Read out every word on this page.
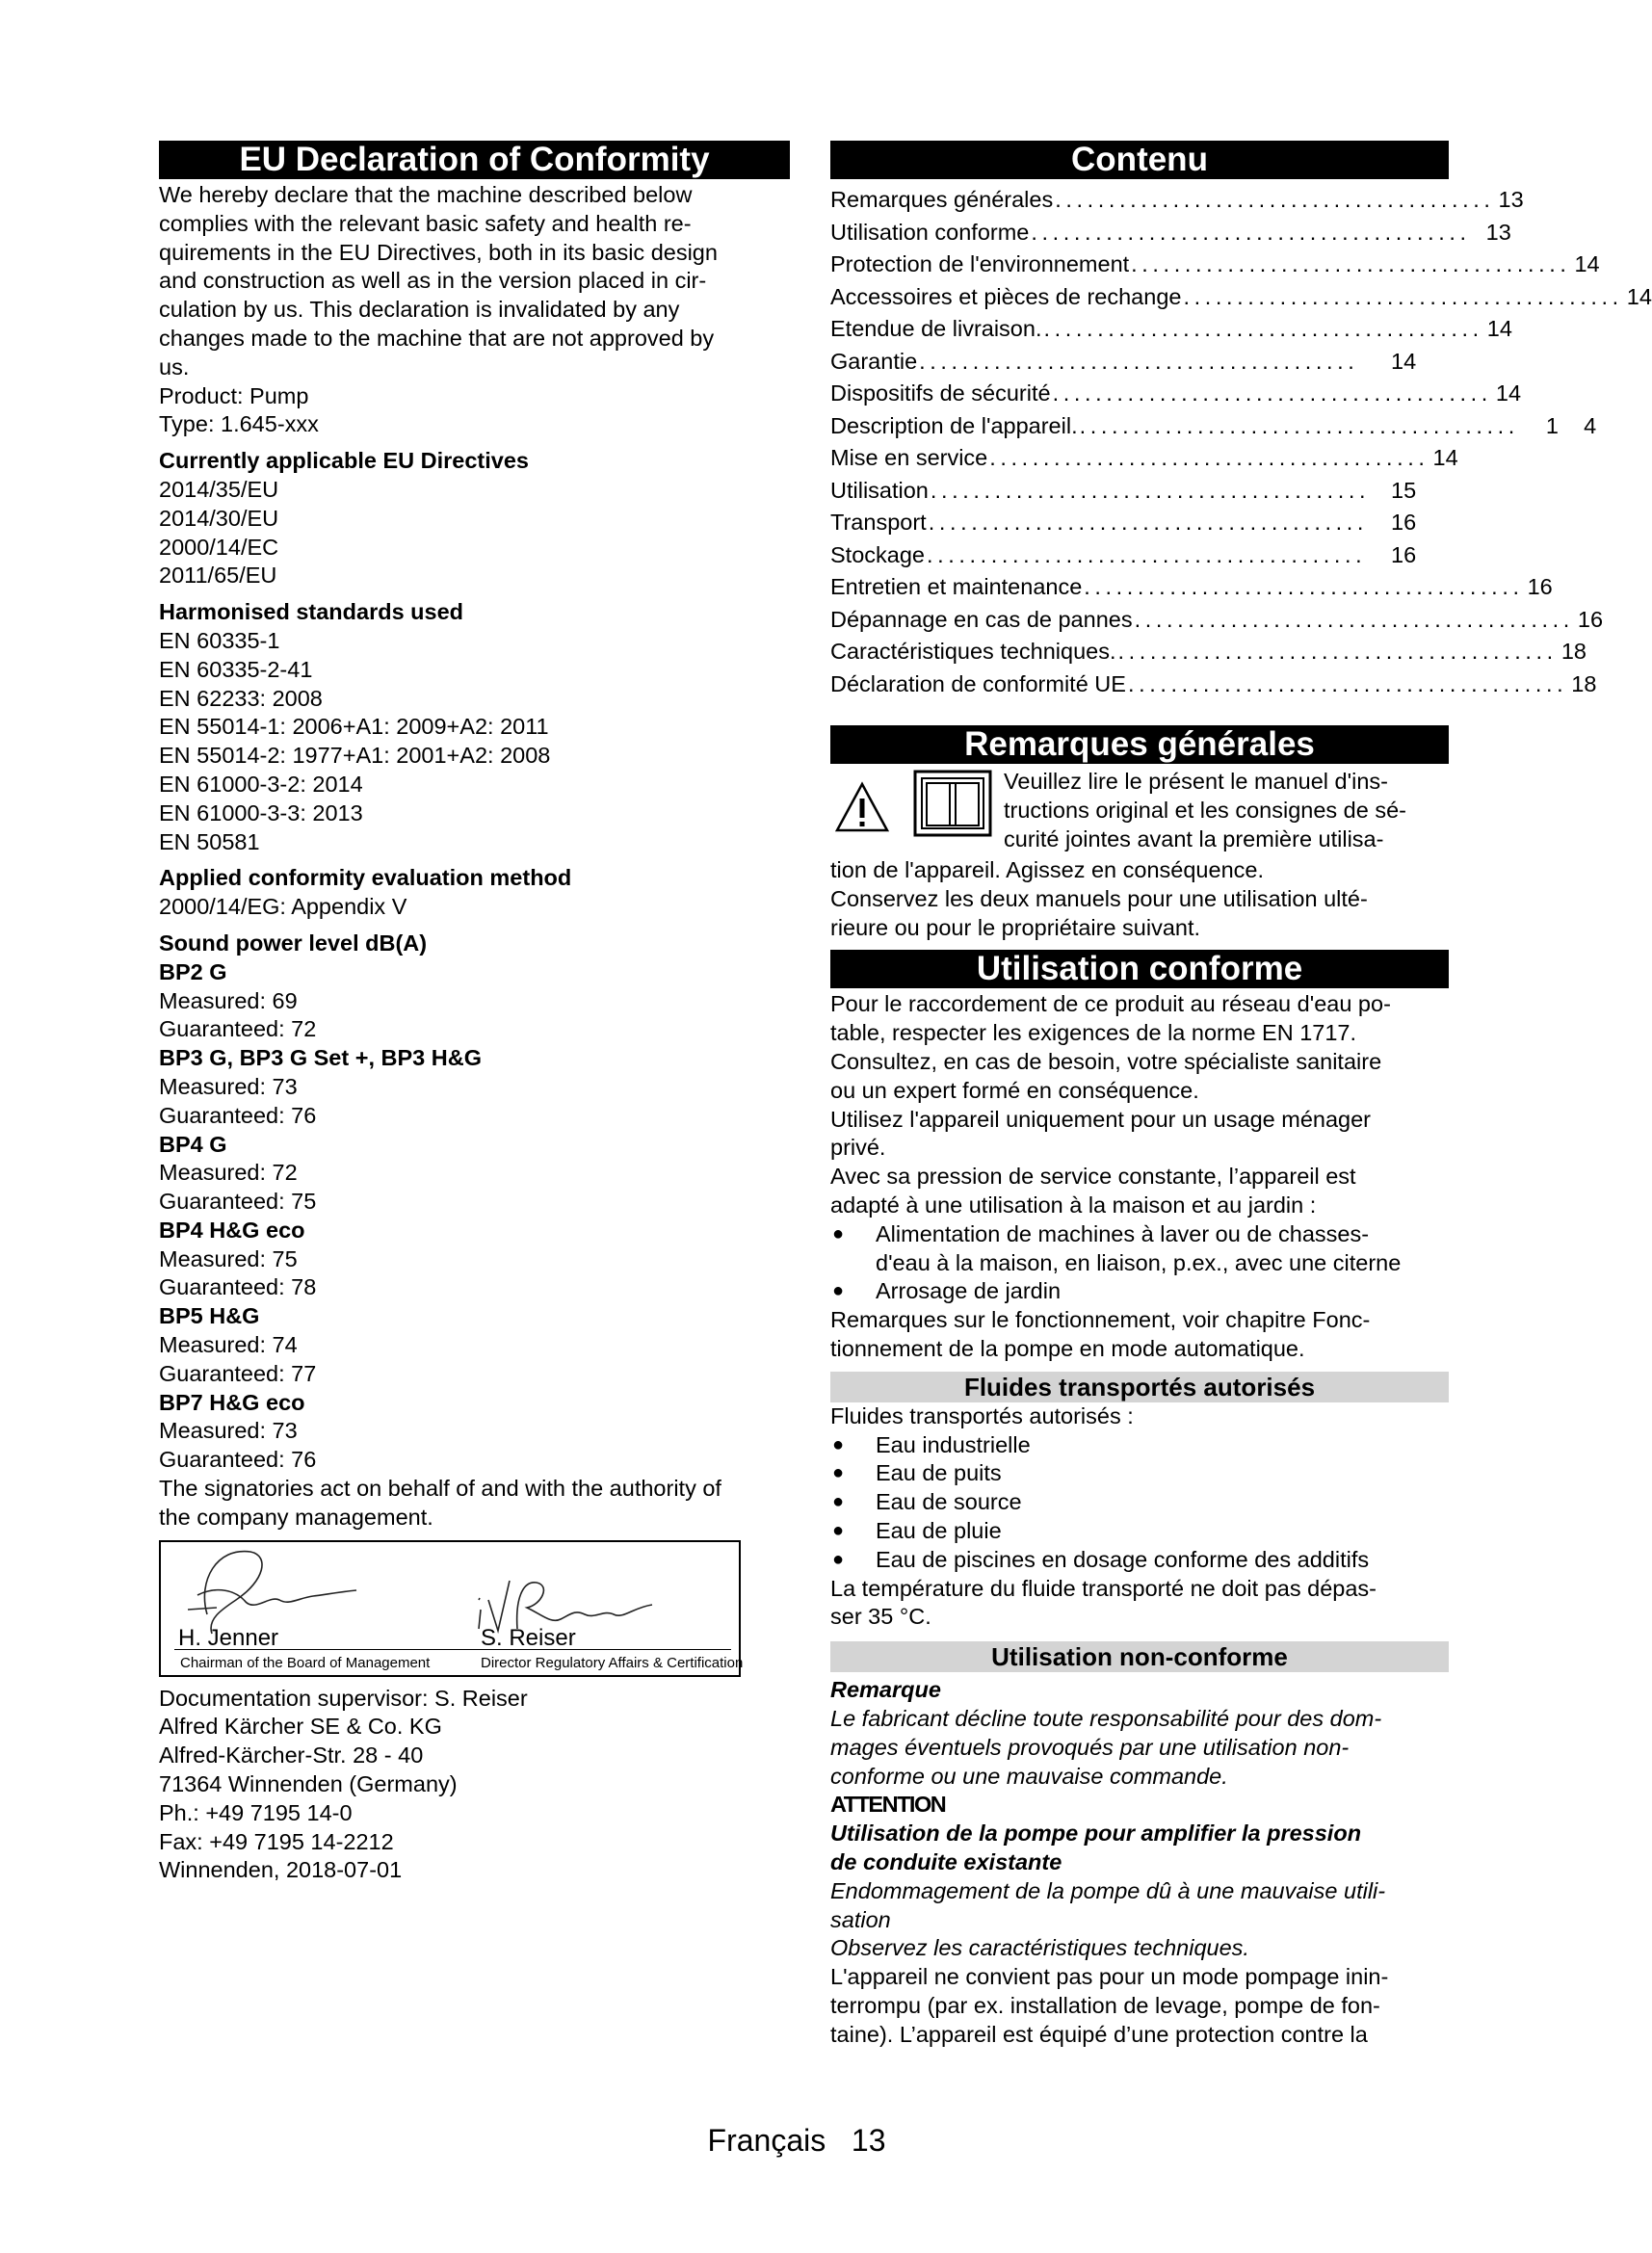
EU Declaration of Conformity
We hereby declare that the machine described below
complies with the relevant basic safety and health re-
quirements in the EU Directives, both in its basic design
and construction as well as in the version placed in cir-
culation by us. This declaration is invalidated by any
changes made to the machine that are not approved by
us.
Product: Pump
Type: 1.645-xxx
Currently applicable EU Directives
2014/35/EU
2014/30/EU
2000/14/EC
2011/65/EU
Harmonised standards used
EN 60335-1
EN 60335-2-41
EN 62233: 2008
EN 55014-1: 2006+A1: 2009+A2: 2011
EN 55014-2: 1977+A1: 2001+A2: 2008
EN 61000-3-2: 2014
EN 61000-3-3: 2013
EN 50581
Applied conformity evaluation method
2000/14/EG: Appendix V
Sound power level dB(A)
BP2 G
Measured: 69
Guaranteed: 72
BP3 G, BP3 G Set +, BP3 H&G
Measured: 73
Guaranteed: 76
BP4 G
Measured: 72
Guaranteed: 75
BP4 H&G eco
Measured: 75
Guaranteed: 78
BP5 H&G
Measured: 74
Guaranteed: 77
BP7 H&G eco
Measured: 73
Guaranteed: 76
The signatories act on behalf of and with the authority of
the company management.
H. Jenner
Chairman of the Board of Management
S. Reiser
Director Regulatory Affairs & Certification
Documentation supervisor: S. Reiser
Alfred Kärcher SE & Co. KG
Alfred-Kärcher-Str. 28 - 40
71364 Winnenden (Germany)
Ph.: +49 7195 14-0
Fax: +49 7195 14-2212
Winnenden, 2018-07-01
Contenu
Remarques générales ......................................... 13
Utilisation conforme ......................................... 13
Protection de l'environnement ......................................... 14
Accessoires et pièces de rechange ......................................... 14
Etendue de livraison. ......................................... 14
Garantie .........................................	14
Dispositifs de sécurité ......................................... 14
Description de l'appareil. .........................................	1    4
Mise en service ......................................... 14
Utilisation ......................................... 15
Transport .........................................	16
Stockage .........................................	16
Entretien et maintenance ......................................... 16
Dépannage en cas de pannes ......................................... 16
Caractéristiques techniques. ......................................... 18
Déclaration de conformité UE ......................................... 18
Remarques générales
Veuillez lire le présent le manuel d'ins-
tructions original et les consignes de sé-
curité jointes avant la première utilisa-
tion de l'appareil. Agissez en conséquence.
Conservez les deux manuels pour une utilisation ulté-
rieure ou pour le propriétaire suivant.
Utilisation conforme
Pour le raccordement de ce produit au réseau d'eau po-
table, respecter les exigences de la norme EN 1717.
Consultez, en cas de besoin, votre spécialiste sanitaire
ou un expert formé en conséquence.
Utilisez l'appareil uniquement pour un usage ménager
privé.
Avec sa pression de service constante, l’appareil est
adapté à une utilisation à la maison et au jardin :
●	Alimentation de machines à laver ou de chasses-
d'eau à la maison, en liaison, p.ex., avec une citerne
●	Arrosage de jardin
Remarques sur le fonctionnement, voir chapitre Fonc-
tionnement de la pompe en mode automatique.
Fluides transportés autorisés
Fluides transportés autorisés :
●	Eau industrielle
●	Eau de puits
●	Eau de source
●	Eau de pluie
●	Eau de piscines en dosage conforme des additifs
La température du fluide transporté ne doit pas dépas-
ser 35 °C.
Utilisation non-conforme
Remarque
Le fabricant décline toute responsabilité pour des dom-
mages éventuels provoqués par une utilisation non-
conforme ou une mauvaise commande.
ATTENTION
Utilisation de la pompe pour amplifier la pression
de conduite existante
Endommagement de la pompe dû à une mauvaise utili-
sation
Observez les caractéristiques techniques.
L'appareil ne convient pas pour un mode pompage inin-
terrompu (par ex. installation de levage, pompe de fon-
taine). L’appareil est équipé d’une protection contre la
Français 13
